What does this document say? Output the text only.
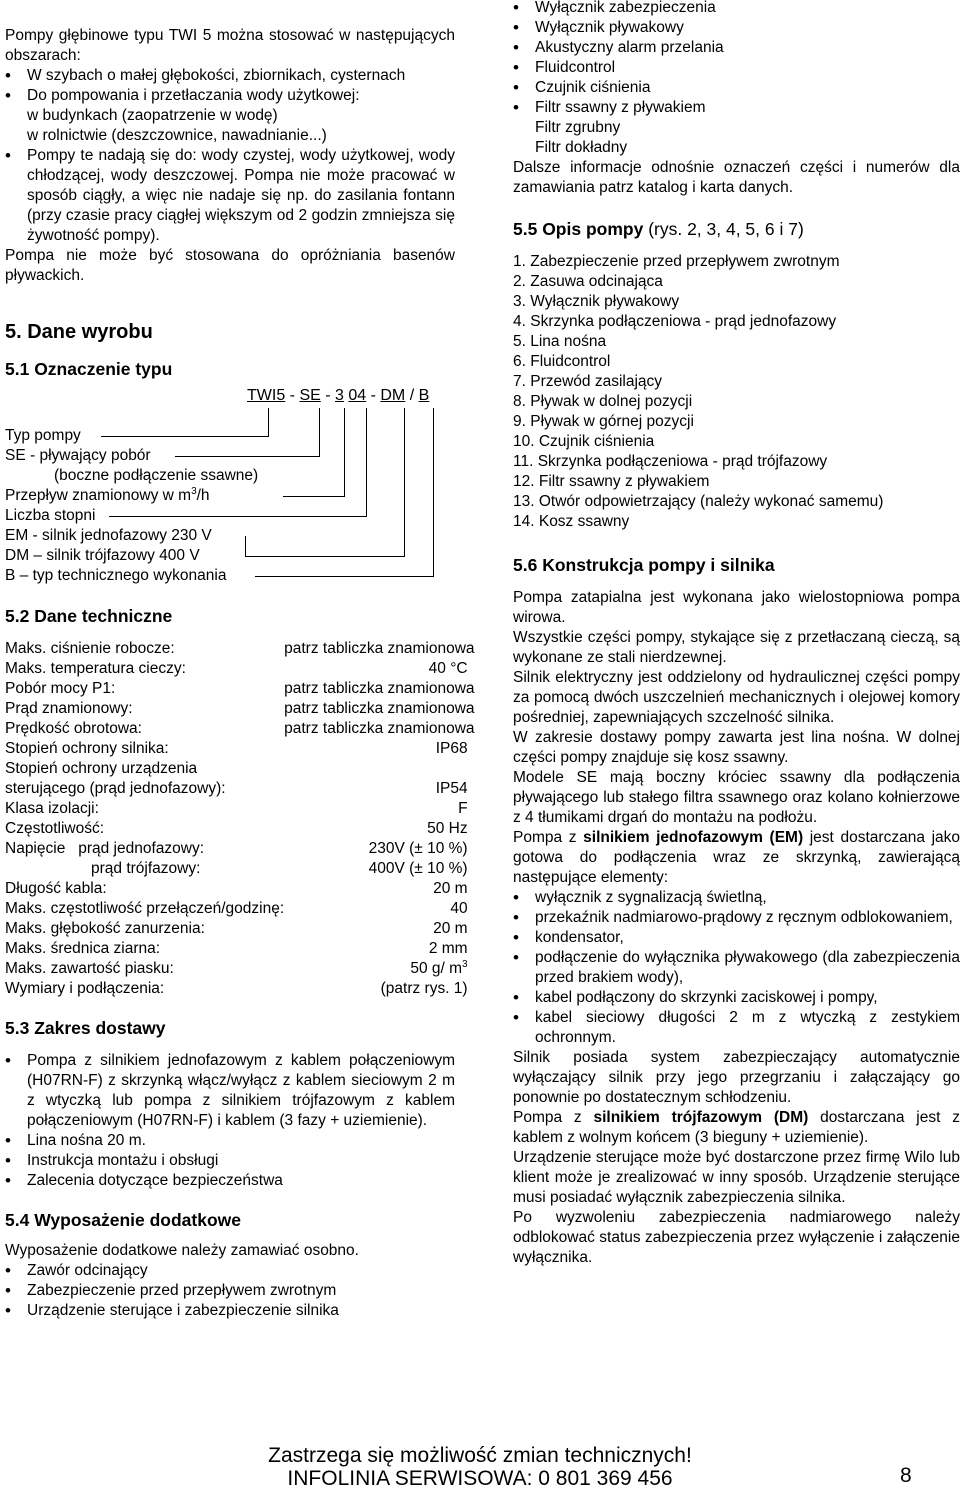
Pompy głębinowe typu TWI 5 można stosować w następujących obszarach:

• W szybach o małej głębokości, zbiornikach, cysternach
• Do pompowania i przetłaczania wody użytkowej:
w budynkach (zaopatrzenie w wodę)
w rolnictwie (deszczownice, nawadnianie...)
• Pompy te nadają się do: wody czystej, wody użytkowej, wody chłodzącej, wody deszczowej. Pompa nie może pracować w sposób ciągły, a więc nie nadaje się np. do zasilania fontann (przy czasie pracy ciągłej większym od 2 godzin zmniejsza się żywotność pompy).

Pompa nie może być stosowana do opróżniania basenów pływackich.

5. Dane wyrobu
5.1 Oznaczenie typu
TWI5 - SE - 3 04 - DM / B
Typ pompy
SE - pływający pobór
(boczne podłączenie ssawne)
Przepływ znamionowy w $m^3/h$
Liczba stopni
EM - silnik jednofazowy 230 V
DM – silnik trójfazowy 400 V
B – typ technicznego wykonania
5.2 Dane techniczne
Maks. ciśnienie robocze:	patrz tabliczka znamionowa
Maks. temperatura cieczy:	40 °C
Pobór mocy P1:	patrz tabliczka znamionowa
Prąd znamionowy:	patrz tabliczka znamionowa
Prędkość obrotowa:	patrz tabliczka znamionowa
Stopień ochrony silnika:	IP68
Stopień ochrony urządzenia	
sterującego (prąd jednofazowy):	IP54
Klasa izolacji:	F
Częstotliwość:	50 Hz
Napięcie   prąd jednofazowy:	230V (± 10 %)
prąd trójfazowy:	400V (± 10 %)
Długość kabla:	20 m
Maks. częstotliwość przełączeń/godzinę:	40
Maks. głębokość zanurzenia:	20 m
Maks. średnica ziarna:	2 mm
Maks. zawartość piasku:	50 g/ $m^3$
Wymiary i podłączenia:	(patrz rys. 1)
5.3 Zakres dostawy
• Pompa z silnikiem jednofazowym z kablem połączeniowym (H07RN-F) z skrzynką włącz/wyłącz z kablem sieciowym 2 m z wtyczką lub pompa z silnikiem trójfazowym z kablem połączeniowym (H07RN-F) i kablem (3 fazy + uziemienie).
• Lina nośna 20 m.
• Instrukcja montażu i obsługi
• Zalecenia dotyczące bezpieczeństwa
5.4 Wyposażenie dodatkowe

Wyposażenie dodatkowe należy zamawiać osobno.

• Zawór odcinający
• Zabezpieczenie przed przepływem zwrotnym
• Urządzenie sterujące i zabezpieczenie silnika
• Wyłącznik zabezpieczenia
• Wyłącznik pływakowy
• Akustyczny alarm przelania
• Fluidcontrol
• Czujnik ciśnienia
• Filtr ssawny z pływakiem
Filtr zgrubny
Filtr dokładny

Dalsze informacje odnośnie oznaczeń części i numerów dla zamawiania patrz katalog i karta danych.

5.5 Opis pompy (rys. 2, 3, 4, 5, 6 i 7)
1. Zabezpieczenie przed przepływem zwrotnym
2. Zasuwa odcinająca
3. Wyłącznik pływakowy
4. Skrzynka podłączeniowa - prąd jednofazowy
5. Lina nośna
6. Fluidcontrol
7. Przewód zasilający
8. Pływak w dolnej pozycji
9. Pływak w górnej pozycji
10. Czujnik ciśnienia
11. Skrzynka podłączeniowa - prąd trójfazowy
12. Filtr ssawny z pływakiem
13. Otwór odpowietrzający (należy wykonać samemu)
14. Kosz ssawny
5.6 Konstrukcja pompy i silnika

Pompa zatapialna jest wykonana jako wielostopniowa pompa wirowa.

Wszystkie części pompy, stykające się z przetłaczaną cieczą, są wykonane ze stali nierdzewnej.

Silnik elektryczny jest oddzielony od hydraulicznej części pompy za pomocą dwóch uszczelnień mechanicznych i olejowej komory pośredniej, zapewniających szczelność silnika.

W zakresie dostawy pompy zawarta jest lina nośna. W dolnej części pompy znajduje się kosz ssawny.

Modele SE mają boczny króciec ssawny dla podłączenia pływającego lub stałego filtra ssawnego oraz kolano kołnierzowe z 4 tłumikami drgań do montażu na podłożu.

Pompa z silnikiem jednofazowym (EM) jest dostarczana jako gotowa do podłączenia wraz ze skrzynką, zawierającą następujące elementy:

• wyłącznik z sygnalizacją świetlną,
• przekaźnik nadmiarowo-prądowy z ręcznym odblokowaniem,
• kondensator,
• podłączenie do wyłącznika pływakowego (dla zabezpieczenia przed brakiem wody),
• kabel podłączony do skrzynki zaciskowej i pompy,
• kabel sieciowy długości 2 m z wtyczką z zestykiem ochronnym.

Silnik posiada system zabezpieczający automatycznie wyłączający silnik przy jego przegrzaniu i załączający go ponownie po dostatecznym schłodzeniu.

Pompa z silnikiem trójfazowym (DM) dostarczana jest z kablem z wolnym końcem (3 bieguny + uziemienie).

Urządzenie sterujące może być dostarczone przez firmę Wilo lub klient może je zrealizować w inny sposób. Urządzenie sterujące musi posiadać wyłącznik zabezpieczenia silnika.

Po wyzwoleniu zabezpieczenia nadmiarowego należy odblokować status zabezpieczenia przez wyłączenie i załączenie wyłącznika.

Zastrzega się możliwość zmian technicznych!
INFOLINIA SERWISOWA: 0 801 369 456	8
